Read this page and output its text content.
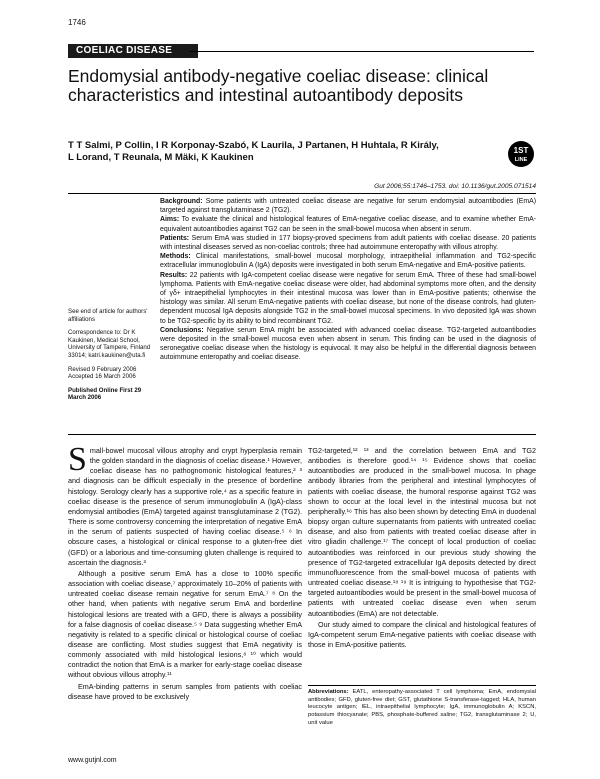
1746
COELIAC DISEASE
Endomysial antibody-negative coeliac disease: clinical characteristics and intestinal autoantibody deposits
T T Salmi, P Collin, I R Korponay-Szabó, K Laurila, J Partanen, H Huhtala, R Király,
L Lorand, T Reunala, M Mäki, K Kaukinen
1ST
LINE
Gut 2006;55:1746–1753. doi: 10.1136/gut.2005.071514

Background: Some patients with untreated coeliac disease are negative for serum endomysial autoantibodies (EmA) targeted against transglutaminase 2 (TG2).

Aims: To evaluate the clinical and histological features of EmA-negative coeliac disease, and to examine whether EmA-equivalent autoantibodies against TG2 can be seen in the small-bowel mucosa when absent in serum.

Patients: Serum EmA was studied in 177 biopsy-proved specimens from adult patients with coeliac disease. 20 patients with intestinal diseases served as non-coeliac controls; three had autoimmune enteropathy with villous atrophy.

Methods: Clinical manifestations, small-bowel mucosal morphology, intraepithelial inflammation and TG2-specific extracellular immunoglobulin A (IgA) deposits were investigated in both serum EmA-negative and EmA-positive patients.

Results: 22 patients with IgA-competent coeliac disease were negative for serum EmA. Three of these had small-bowel lymphoma. Patients with EmA-negative coeliac disease were older, had abdominal symptoms more often, and the density of γδ+ intraepithelial lymphocytes in their intestinal mucosa was lower than in EmA-positive patients; otherwise the histology was similar. All serum EmA-negative patients with coeliac disease, but none of the disease controls, had gluten-dependent mucosal IgA deposits alongside TG2 in the small-bowel mucosal specimens. In vivo deposited IgA was shown to be TG2-specific by its ability to bind recombinant TG2.

Conclusions: Negative serum EmA might be associated with advanced coeliac disease. TG2-targeted autoantibodies were deposited in the small-bowel mucosa even when absent in serum. This finding can be used in the diagnosis of seronegative coeliac disease when the histology is equivocal. It may also be helpful in the differential diagnosis between autoimmune enteropathy and coeliac disease.

See end of article for authors' affiliations

Correspondence to: Dr K Kaukinen, Medical School, University of Tampere, Finland 33014; katri.kaukinen@uta.fi

Revised 9 February 2006 Accepted 16 March 2006

Published Online First 29 March 2006

Small-bowel mucosal villous atrophy and crypt hyperplasia remain the golden standard in the diagnosis of coeliac disease.¹ However, coeliac disease has no pathognomonic histological features,² ³ and diagnosis can be difficult especially in the presence of borderline histology. Serology clearly has a supportive role,⁴ as a specific feature in coeliac disease is the presence of serum immunoglobulin A (IgA)-class endomysial antibodies (EmA) targeted against transglutaminase 2 (TG2). There is some controversy concerning the interpretation of negative EmA in the serum of patients suspected of having coeliac disease.⁵ ⁶ In obscure cases, a histological or clinical response to a gluten-free diet (GFD) or a laborious and time-consuming gluten challenge is required to ascertain the diagnosis.³

Although a positive serum EmA has a close to 100% specific association with coeliac disease,⁷ approximately 10–20% of patients with untreated coeliac disease remain negative for serum EmA.⁷ ⁸ On the other hand, when patients with negative serum EmA and borderline histological lesions are treated with a GFD, there is always a possibility for a false diagnosis of coeliac disease.⁵ ⁹ Data suggesting whether EmA negativity is related to a specific clinical or histological course of coeliac disease are conflicting. Most studies suggest that EmA negativity is commonly associated with mild histological lesions,⁸ ¹⁰ which would contradict the notion that EmA is a marker for early-stage coeliac disease without obvious villous atrophy.¹¹

EmA-binding patterns in serum samples from patients with coeliac disease have proved to be exclusively

TG2-targeted,¹² ¹³ and the correlation between EmA and TG2 antibodies is therefore good.¹⁴ ¹⁵ Evidence shows that coeliac autoantibodies are produced in the small-bowel mucosa. In phage antibody libraries from the peripheral and intestinal lymphocytes of patients with coeliac disease, the humoral response against TG2 was shown to occur at the local level in the intestinal mucosa but not peripherally.¹⁶ This has also been shown by detecting EmA in duodenal biopsy organ culture supernatants from patients with untreated coeliac disease, and also from patients with treated coeliac disease after in vitro gliadin challenge.¹⁷ The concept of local production of coeliac autoantibodies was reinforced in our previous study showing the presence of TG2-targeted extracellular IgA deposits detected by direct immunofluorescence from the small-bowel mucosa of patients with untreated coeliac disease.¹⁸ ¹⁹ It is intriguing to hypothesise that TG2-targeted autoantibodies would be present in the small-bowel mucosa of patients with untreated coeliac disease even when serum autoantibodies (EmA) are not detectable.

Our study aimed to compare the clinical and histological features of IgA-competent serum EmA-negative patients with coeliac disease with those in EmA-positive patients.

Abbreviations: EATL, enteropathy-associated T cell lymphoma; EmA, endomysial antibodies; GFD, gluten-free diet; GST, glutathione S-transferase-tagged; HLA, human leucocyte antigen; IEL, intraepithelial lymphocyte; IgA, immunoglobulin A; KSCN, potassium thiocyanate; PBS, phosphate-buffered saline; TG2, transglutaminase 2; U, unit value
www.gutjnl.com
